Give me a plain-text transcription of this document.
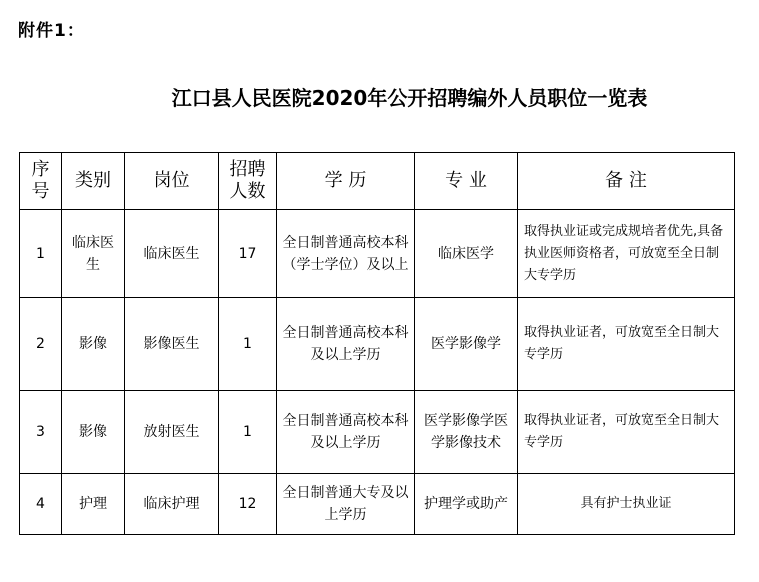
附件1：
江口县人民医院2020年公开招聘编外人员职位一览表
序号	类别	岗位	招聘人数	学 历	专 业	备 注
1	临床医生	临床医生	17	全日制普通高校本科（学士学位）及以上	临床医学	取得执业证或完成规培者优先,具备执业医师资格者，可放宽至全日制大专学历
2	影像	影像医生	1	全日制普通高校本科及以上学历	医学影像学	取得执业证者，可放宽至全日制大专学历
3	影像	放射医生	1	全日制普通高校本科及以上学历	医学影像学医学影像技术	取得执业证者，可放宽至全日制大专学历
4	护理	临床护理	12	全日制普通大专及以上学历	护理学或助产	具有护士执业证
